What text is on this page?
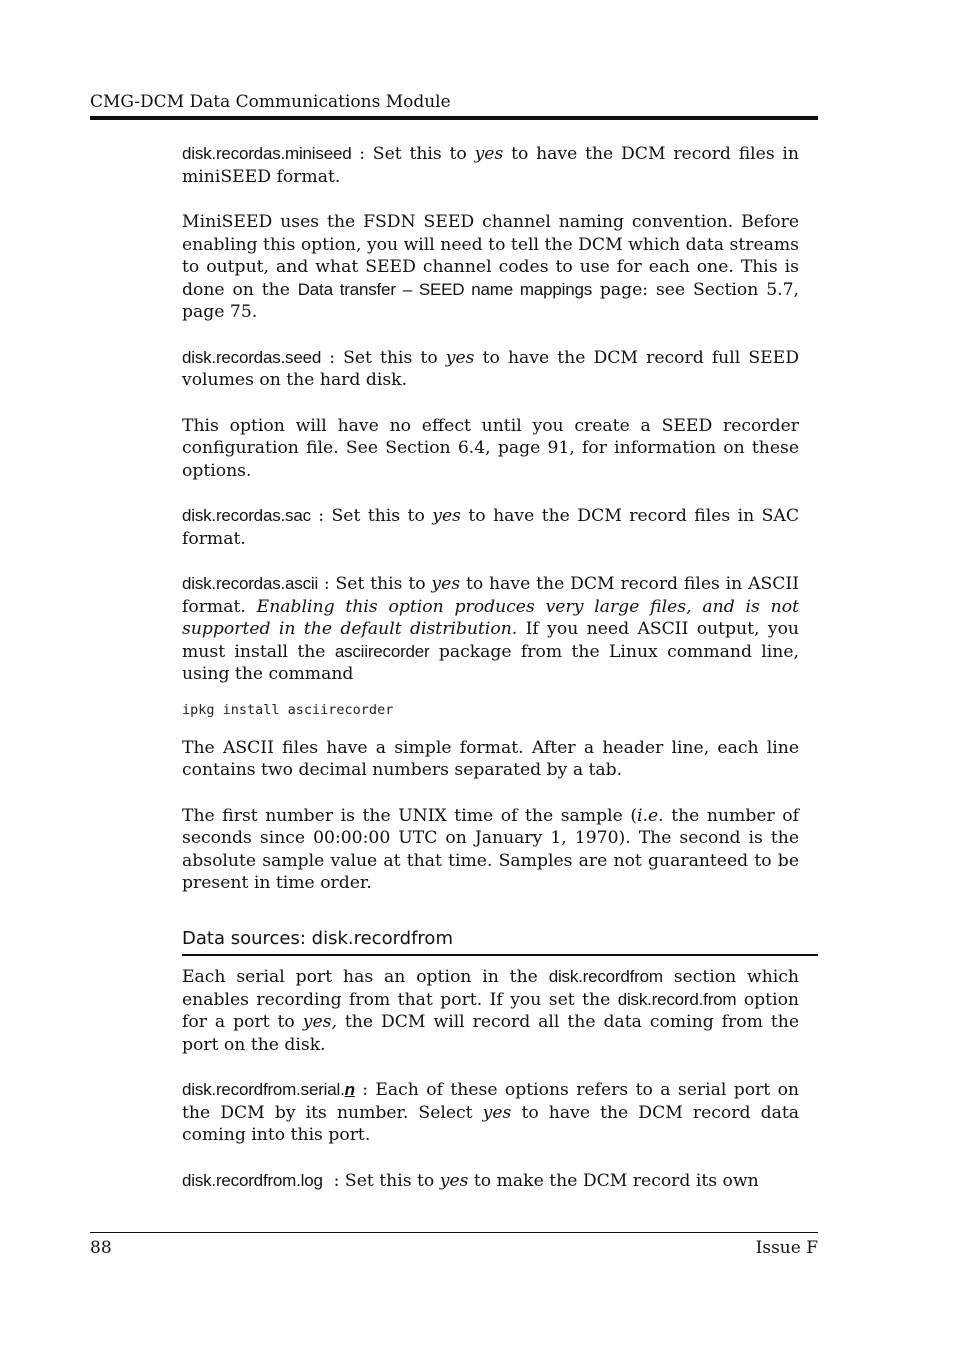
CMG-DCM Data Communications Module

disk.recordas.miniseed : Set this to yes to have the DCM record files in miniSEED format.

MiniSEED uses the FSDN SEED channel naming convention. Before enabling this option, you will need to tell the DCM which data streams to output, and what SEED channel codes to use for each one. This is done on the Data transfer – SEED name mappings page: see Section 5.7, page 75.

disk.recordas.seed : Set this to yes to have the DCM record full SEED volumes on the hard disk.

This option will have no effect until you create a SEED recorder configuration file. See Section 6.4, page 91, for information on these options.

disk.recordas.sac : Set this to yes to have the DCM record files in SAC format.

disk.recordas.ascii : Set this to yes to have the DCM record files in ASCII format. Enabling this option produces very large files, and is not supported in the default distribution. If you need ASCII output, you must install the asciirecorder package from the Linux command line, using the command

ipkg install asciirecorder

The ASCII files have a simple format. After a header line, each line contains two decimal numbers separated by a tab.

The first number is the UNIX time of the sample (i.e. the number of seconds since 00:00:00 UTC on January 1, 1970). The second is the absolute sample value at that time. Samples are not guaranteed to be present in time order.

Data sources: disk.recordfrom

Each serial port has an option in the disk.recordfrom section which enables recording from that port. If you set the disk.record.from option for a port to yes, the DCM will record all the data coming from the port on the disk.

disk.recordfrom.serial.n : Each of these options refers to a serial port on the DCM by its number. Select yes to have the DCM record data coming into this port.

disk.recordfrom.log  : Set this to yes to make the DCM record its own

88	Issue F
